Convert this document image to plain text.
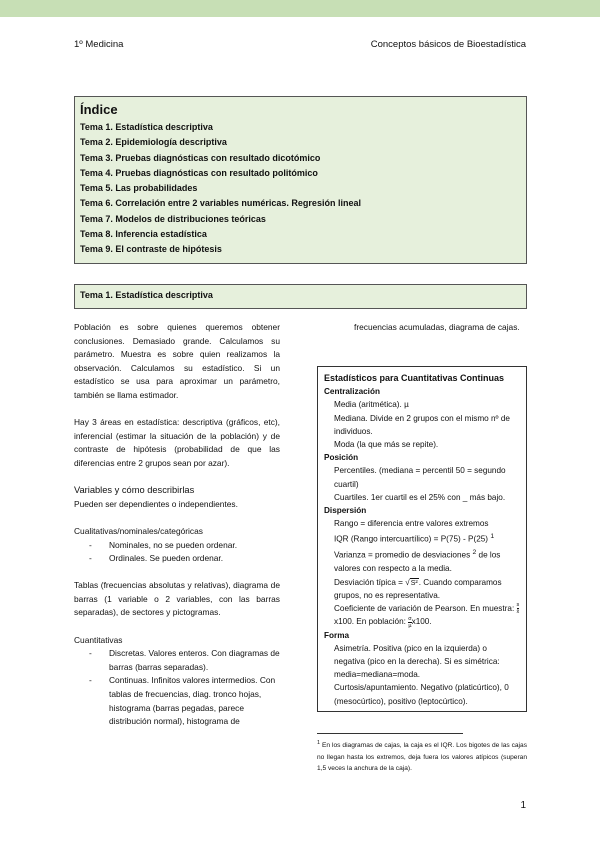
1º Medicina	Conceptos básicos de Bioestadística
Índice
Tema 1. Estadística descriptiva
Tema 2. Epidemiología descriptiva
Tema 3. Pruebas diagnósticas con resultado dicotómico
Tema 4. Pruebas diagnósticas con resultado politómico
Tema 5. Las probabilidades
Tema 6. Correlación entre 2 variables numéricas. Regresión lineal
Tema 7. Modelos de distribuciones teóricas
Tema 8. Inferencia estadística
Tema 9. El contraste de hipótesis
Tema 1. Estadística descriptiva

Población es sobre quienes queremos obtener conclusiones. Demasiado grande. Calculamos su parámetro. Muestra es sobre quien realizamos la observación. Calculamos su estadístico. Si un estadístico se usa para aproximar un parámetro, también se llama estimador.

Hay 3 áreas en estadística: descriptiva (gráficos, etc), inferencial (estimar la situación de la población) y de contraste de hipótesis (probabilidad de que las diferencias entre 2 grupos sean por azar).

Variables y cómo describirlas
Pueden ser dependientes o independientes.
Cualitativas/nominales/categóricas
- Nominales, no se pueden ordenar.
- Ordinales. Se pueden ordenar.

Tablas (frecuencias absolutas y relativas), diagrama de barras (1 variable o 2 variables, con las barras separadas), de sectores y pictogramas.

Cuantitativas
- Discretas. Valores enteros. Con diagramas de barras (barras separadas).
- Continuas. Infinitos valores intermedios. Con tablas de frecuencias, diag. tronco hojas, histograma (barras pegadas, parece distribución normal), histograma de

frecuencias acumuladas, diagrama de cajas.

Estadísticos para Cuantitativas Continuas
Centralización
Media (aritmética). µ
Mediana. Divide en 2 grupos con el mismo nº de individuos.
Moda (la que más se repite).
Posición
Percentiles. (mediana = percentil 50 = segundo cuartil)
Cuartiles. 1er cuartil es el 25% con _ más bajo.
Dispersión
Rango = diferencia entre valores extremos
IQR (Rango intercuartílico) = P(75) - P(25) $^1$
Varianza = promedio de desviaciones $^2$ de los valores con respecto a la media.
Desviación típica = √S². Cuando comparamos grupos, no es representativa.
Coeficiente de variación de Pearson. En muestra: $\frac{s}{x̄}$
x100. En población: $\frac{\sigma}{\text{µ}} x100$.
Forma
Asimetría. Positiva (pico en la izquierda) o negativa (pico en la derecha). Si es simétrica: media=mediana=moda.
Curtosis/apuntamiento. Negativo (platicúrtico), 0 (mesocúrtico), positivo (leptocúrtico).
$^1$ En los diagramas de cajas, la caja es el IQR. Los bigotes de las cajas no llegan hasta los extremos, deja fuera los valores atípicos (superan 1,5 veces la anchura de la caja).
1
